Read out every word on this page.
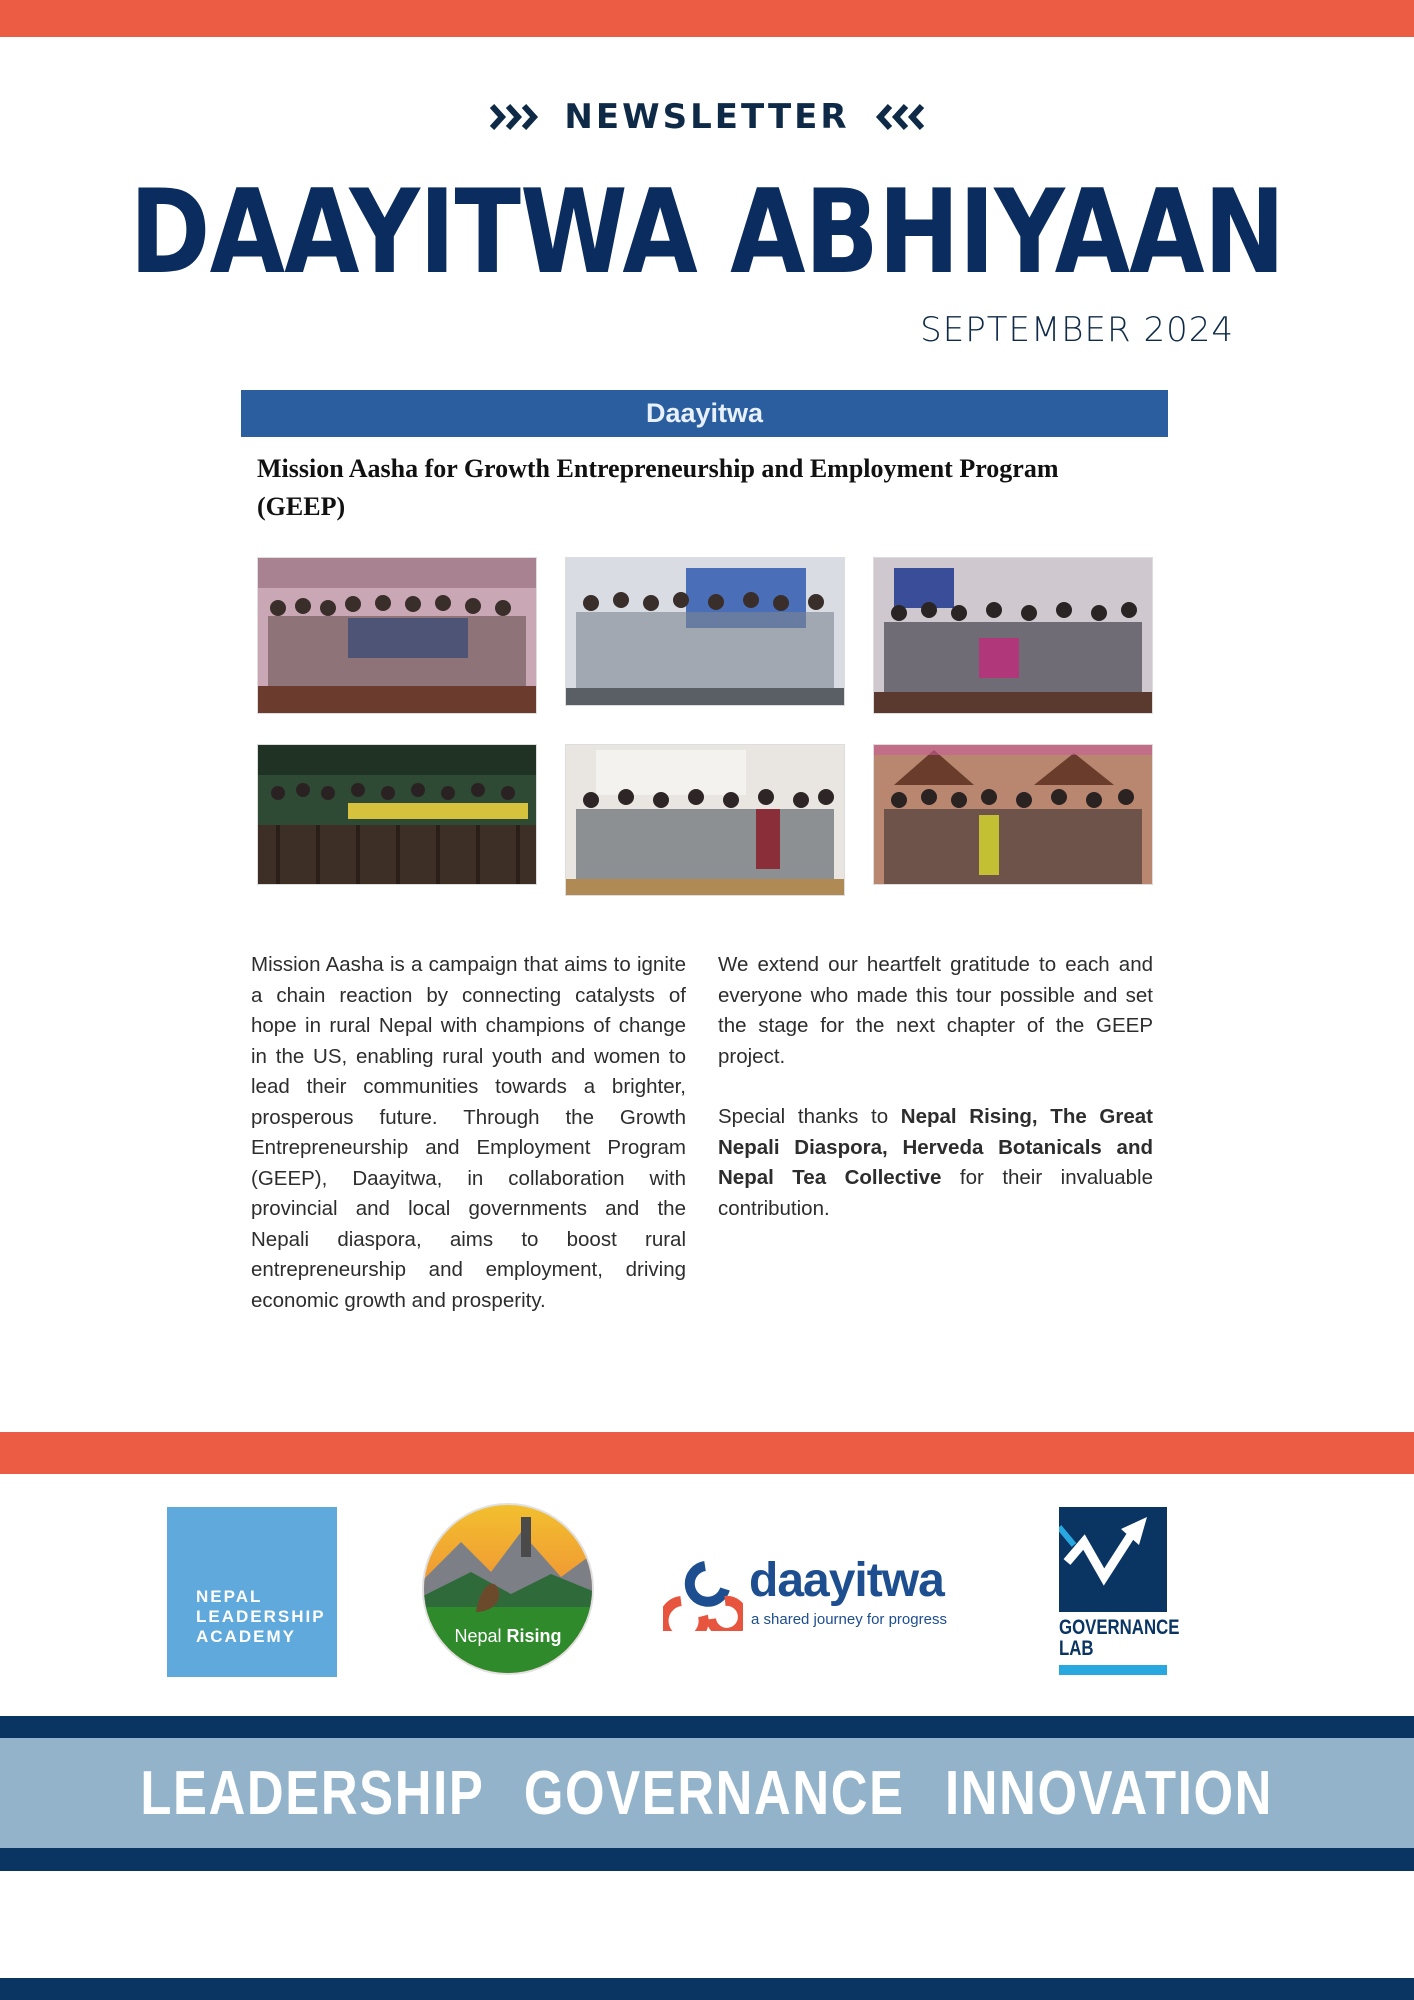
NEWSLETTER
DAAYITWA ABHIYAAN
SEPTEMBER 2024
Daayitwa
Mission Aasha for Growth Entrepreneurship and Employment Program (GEEP)

Mission Aasha is a campaign that aims to ignite a chain reaction by connecting catalysts of hope in rural Nepal with champions of change in the US, enabling rural youth and women to lead their communities towards a brighter, prosperous future. Through the Growth Entrepreneurship and Employment Program (GEEP), Daayitwa, in collaboration with provincial and local governments and the Nepali diaspora, aims to boost rural entrepreneurship and employment, driving economic growth and prosperity.

We extend our heartfelt gratitude to each and everyone who made this tour possible and set the stage for the next chapter of the GEEP project.

Special thanks to Nepal Rising, The Great Nepali Diaspora, Herveda Botanicals and Nepal Tea Collective for their invaluable contribution.

NEPAL
LEADERSHIP
ACADEMY	Nepal Rising
daayitwa
a shared journey for progress	GOVERNANCE
LAB
LEADERSHIP GOVERNANCE INNOVATION
